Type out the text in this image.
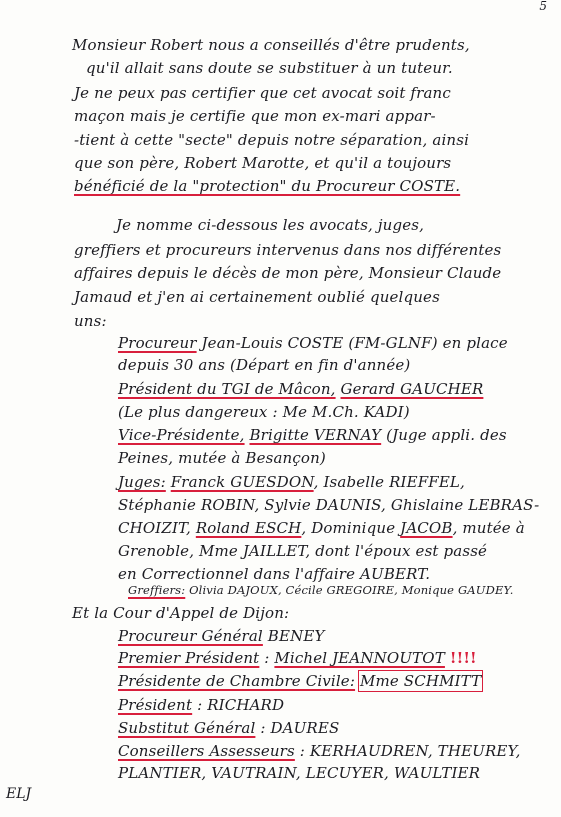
5

Monsieur Robert nous a conseillés d'être prudents,

qu'il allait sans doute se substituer à un tuteur.

Je ne peux pas certifier que cet avocat soit franc

maçon mais je certifie que mon ex-mari appar-

-tient à cette "secte" depuis notre séparation, ainsi

que son père, Robert Marotte, et qu'il a toujours

bénéficié de la "protection" du Procureur COSTE.

Je nomme ci-dessous les avocats, juges,

greffiers et procureurs intervenus dans nos différentes

affaires depuis le décès de mon père, Monsieur Claude

Jamaud et j'en ai certainement oublié quelques

uns:

Procureur Jean-Louis COSTE (FM-GLNF) en place

depuis 30 ans (Départ en fin d'année)

Président du TGI de Mâcon, Gerard GAUCHER

(Le plus dangereux : Me M.Ch. KADI)

Vice-Présidente, Brigitte VERNAY (Juge appli. des

Peines, mutée à Besançon)

Juges: Franck GUESDON, Isabelle RIEFFEL,

Stéphanie ROBIN, Sylvie DAUNIS, Ghislaine LEBRAS-

CHOIZIT, Roland ESCH, Dominique JACOB, mutée à

Grenoble, Mme JAILLET, dont l'époux est passé

en Correctionnel dans l'affaire AUBERT.

Greffiers: Olivia DAJOUX, Cécile GREGOIRE, Monique GAUDEY.

Et la Cour d'Appel de Dijon:

Procureur Général BENEY

Premier Président : Michel JEANNOUTOT !!!!

Présidente de Chambre Civile: Mme SCHMITT

Président : RICHARD

Substitut Général : DAURES

Conseillers Assesseurs : KERHAUDREN, THEUREY,

PLANTIER, VAUTRAIN, LECUYER, WAULTIER

ELJ
